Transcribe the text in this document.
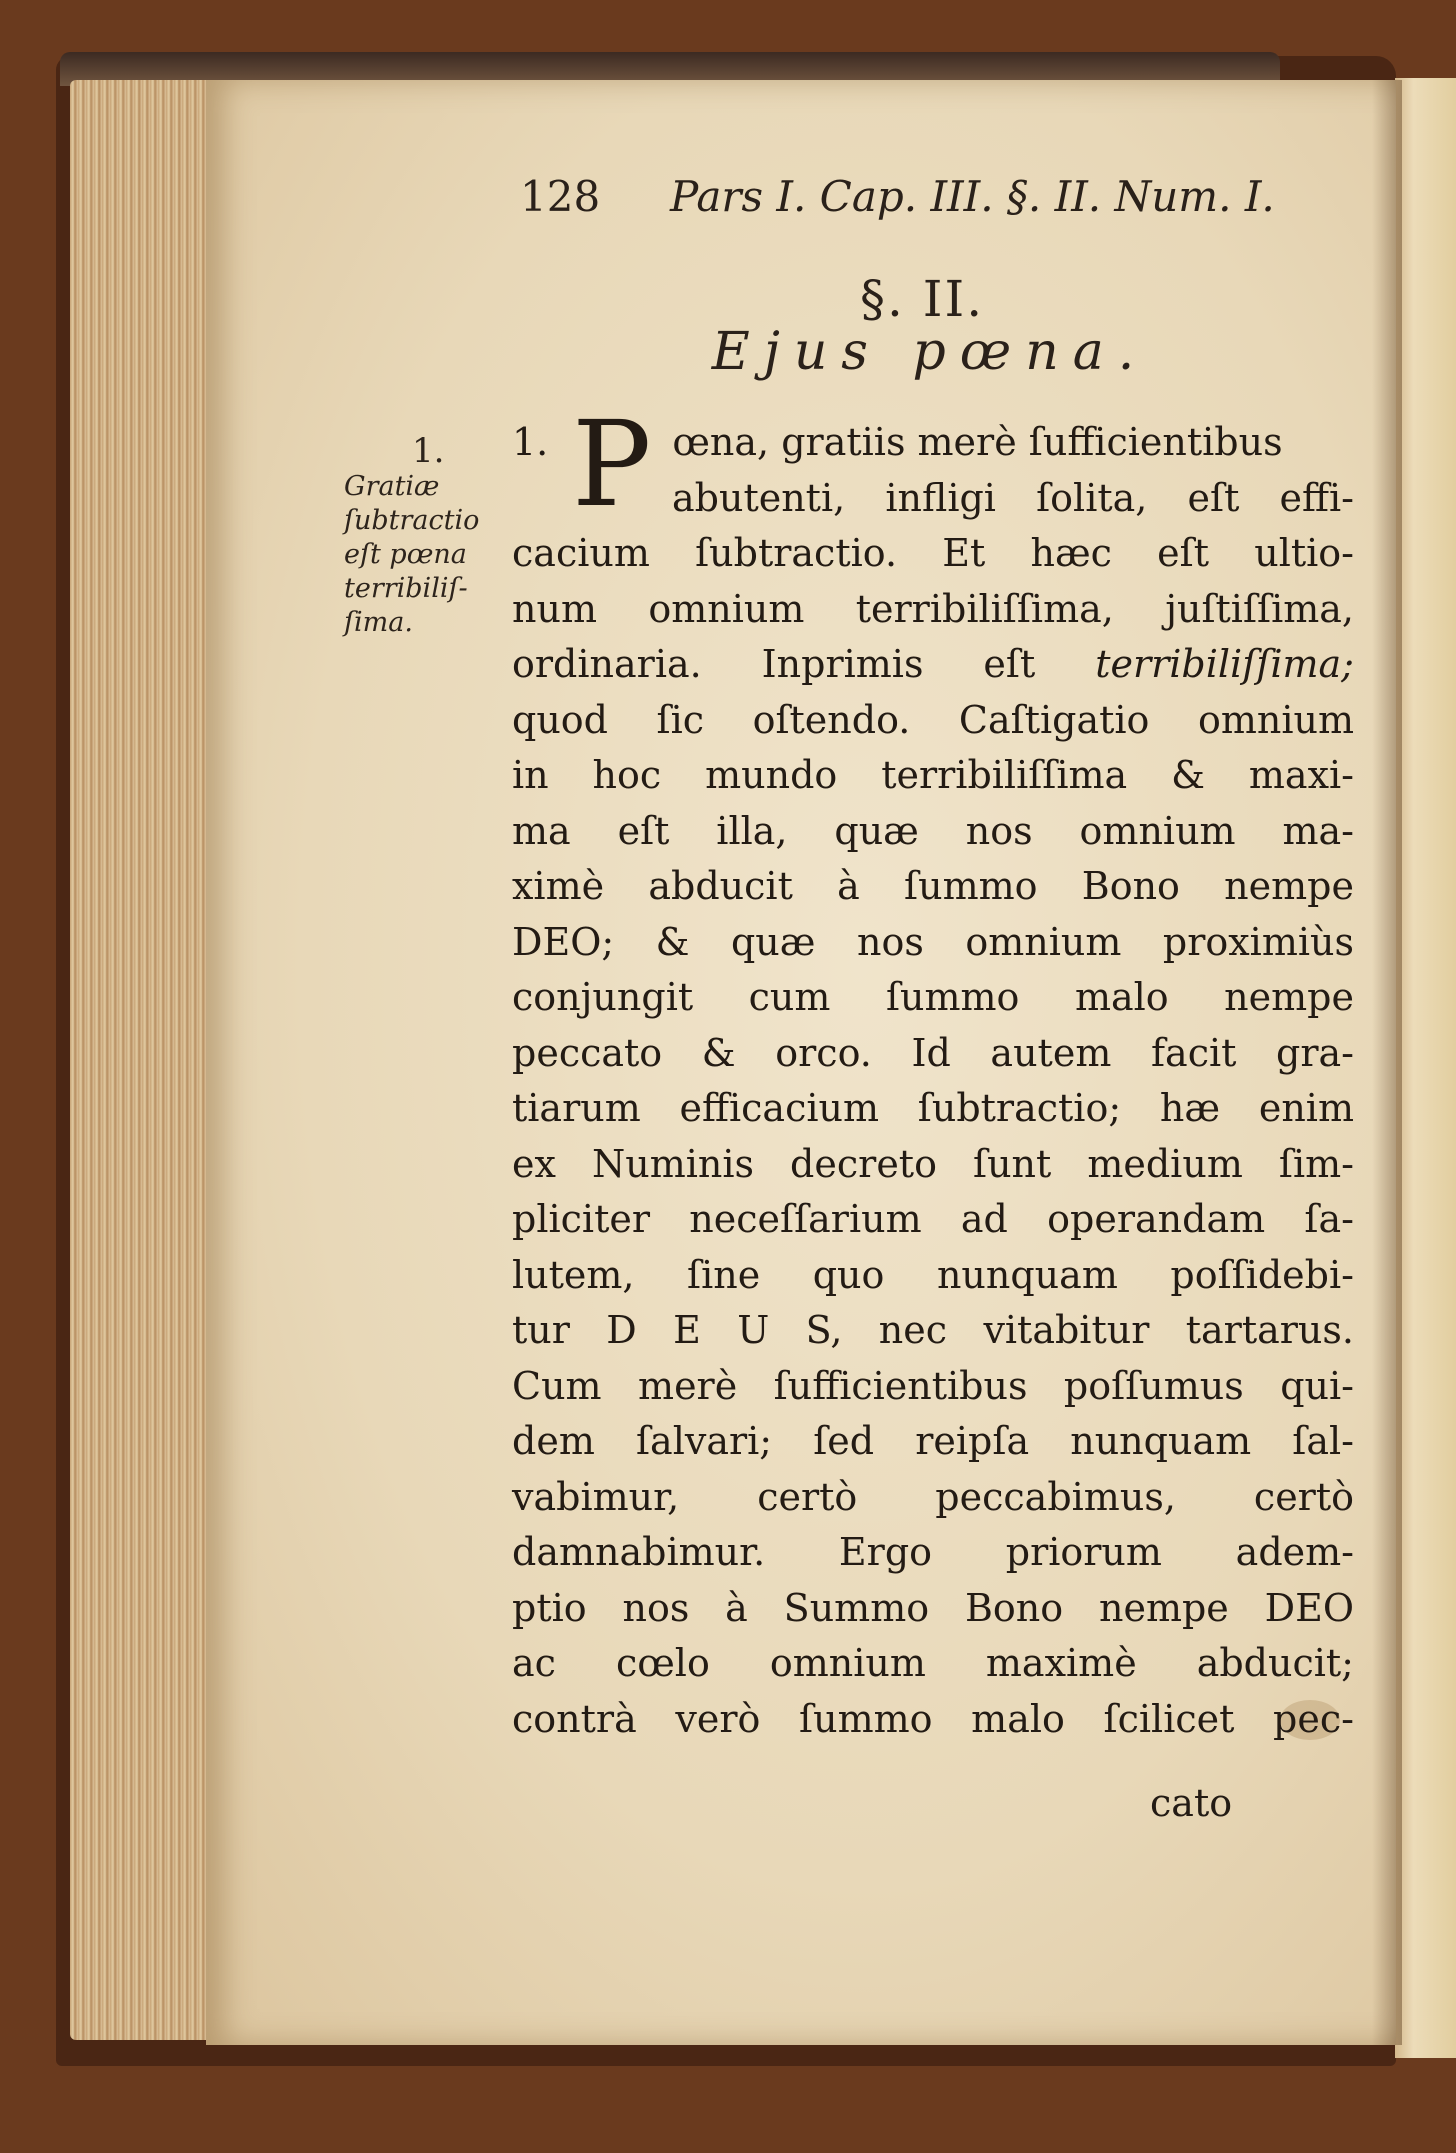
128 Pars I. Cap. III. §. II. Num. I.
§. II.
Ejus pœna.
1.
Gratiæ
ſubtractio
eſt pœna
terribiliſ-
ſima.
P
1.	œna, gratiis merè ſufficientibus
abutenti, infligi ſolita, eſt effi-
cacium ſubtractio. Et hæc eſt ultio-
num omnium terribiliſſima, juſtiſſima,
ordinaria. Inprimis eſt terribiliſſima;
quod ſic oſtendo. Caſtigatio omnium
in hoc mundo terribiliſſima & maxi-
ma eſt illa, quæ nos omnium ma-
ximè abducit à ſummo Bono nempe
DEO; & quæ nos omnium proximiùs
conjungit cum ſummo malo nempe
peccato & orco. Id autem facit gra-
tiarum efficacium ſubtractio; hæ enim
ex Numinis decreto ſunt medium ſim-
pliciter neceſſarium ad operandam ſa-
lutem, ſine quo nunquam poſſidebi-
tur D E U S, nec vitabitur tartarus.
Cum merè ſufficientibus poſſumus qui-
dem ſalvari; ſed reipſa nunquam ſal-
vabimur, certò peccabimus, certò
damnabimur. Ergo priorum adem-
ptio nos à Summo Bono nempe DEO
ac cœlo omnium maximè abducit;
contrà verò ſummo malo ſcilicet pec-
cato
